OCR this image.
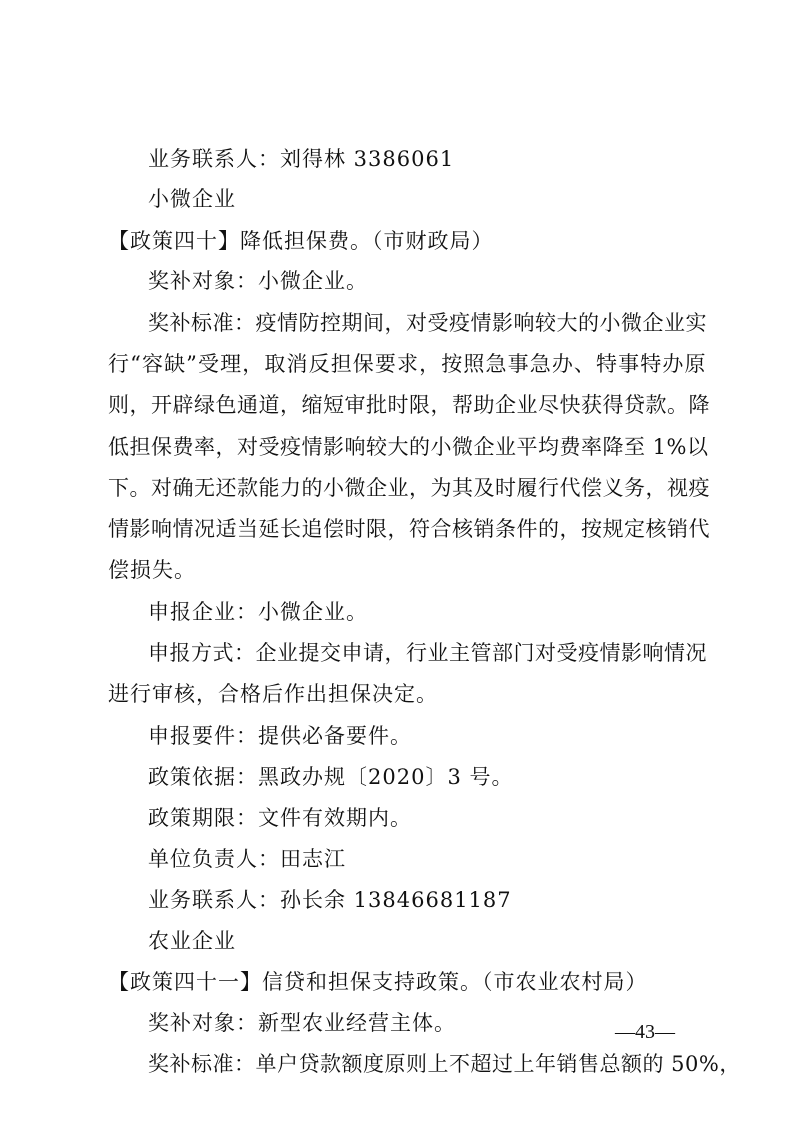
业务联系人：刘得林 3386061
小微企业
【政策四十】降低担保费。（市财政局）
奖补对象：小微企业。
奖补标准：疫情防控期间，对受疫情影响较大的小微企业实
行“容缺”受理，取消反担保要求，按照急事急办、特事特办原
则，开辟绿色通道，缩短审批时限，帮助企业尽快获得贷款。降
低担保费率，对受疫情影响较大的小微企业平均费率降至 1%以
下。对确无还款能力的小微企业，为其及时履行代偿义务，视疫
情影响情况适当延长追偿时限，符合核销条件的，按规定核销代
偿损失。
申报企业：小微企业。
申报方式：企业提交申请，行业主管部门对受疫情影响情况
进行审核，合格后作出担保决定。
申报要件：提供必备要件。
政策依据：黑政办规〔2020〕3 号。
政策期限：文件有效期内。
单位负责人：田志江
业务联系人：孙长余 13846681187
农业企业
【政策四十一】信贷和担保支持政策。（市农业农村局）
奖补对象：新型农业经营主体。
奖补标准：单户贷款额度原则上不超过上年销售总额的 50%，
—43—
